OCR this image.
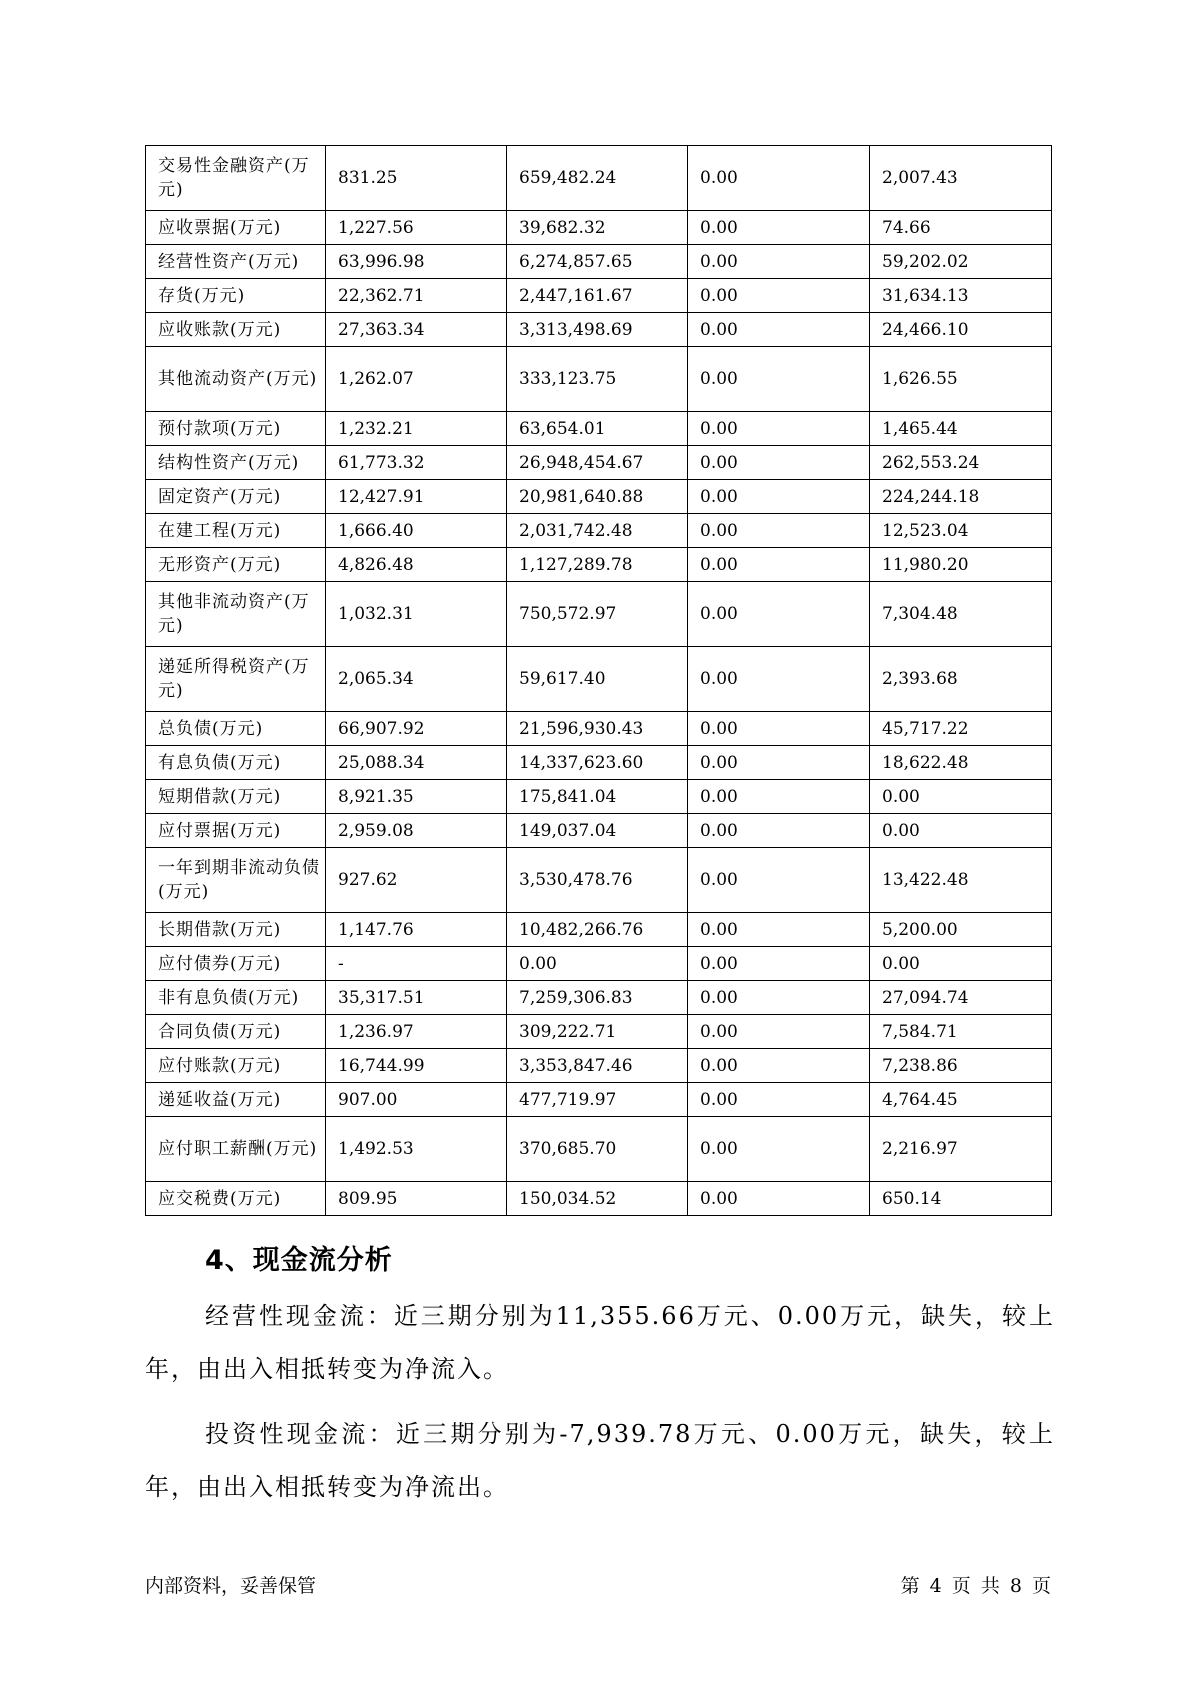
交易性金融资产(万元)	831.25	659,482.24	0.00	2,007.43
应收票据(万元)	1,227.56	39,682.32	0.00	74.66
经营性资产(万元)	63,996.98	6,274,857.65	0.00	59,202.02
存货(万元)	22,362.71	2,447,161.67	0.00	31,634.13
应收账款(万元)	27,363.34	3,313,498.69	0.00	24,466.10
其他流动资产(万元)	1,262.07	333,123.75	0.00	1,626.55
预付款项(万元)	1,232.21	63,654.01	0.00	1,465.44
结构性资产(万元)	61,773.32	26,948,454.67	0.00	262,553.24
固定资产(万元)	12,427.91	20,981,640.88	0.00	224,244.18
在建工程(万元)	1,666.40	2,031,742.48	0.00	12,523.04
无形资产(万元)	4,826.48	1,127,289.78	0.00	11,980.20
其他非流动资产(万元)	1,032.31	750,572.97	0.00	7,304.48
递延所得税资产(万元)	2,065.34	59,617.40	0.00	2,393.68
总负债(万元)	66,907.92	21,596,930.43	0.00	45,717.22
有息负债(万元)	25,088.34	14,337,623.60	0.00	18,622.48
短期借款(万元)	8,921.35	175,841.04	0.00	0.00
应付票据(万元)	2,959.08	149,037.04	0.00	0.00
一年到期非流动负债(万元)	927.62	3,530,478.76	0.00	13,422.48
长期借款(万元)	1,147.76	10,482,266.76	0.00	5,200.00
应付债券(万元)	-	0.00	0.00	0.00
非有息负债(万元)	35,317.51	7,259,306.83	0.00	27,094.74
合同负债(万元)	1,236.97	309,222.71	0.00	7,584.71
应付账款(万元)	16,744.99	3,353,847.46	0.00	7,238.86
递延收益(万元)	907.00	477,719.97	0.00	4,764.45
应付职工薪酬(万元)	1,492.53	370,685.70	0.00	2,216.97
应交税费(万元)	809.95	150,034.52	0.00	650.14
4、现金流分析

经营性现金流：近三期分别为11,355.66万元、0.00万元，缺失，较上年，由出入相抵转变为净流入。

投资性现金流：近三期分别为-7,939.78万元、0.00万元，缺失，较上年，由出入相抵转变为净流出。

内部资料，妥善保管	第 4 页 共 8 页
